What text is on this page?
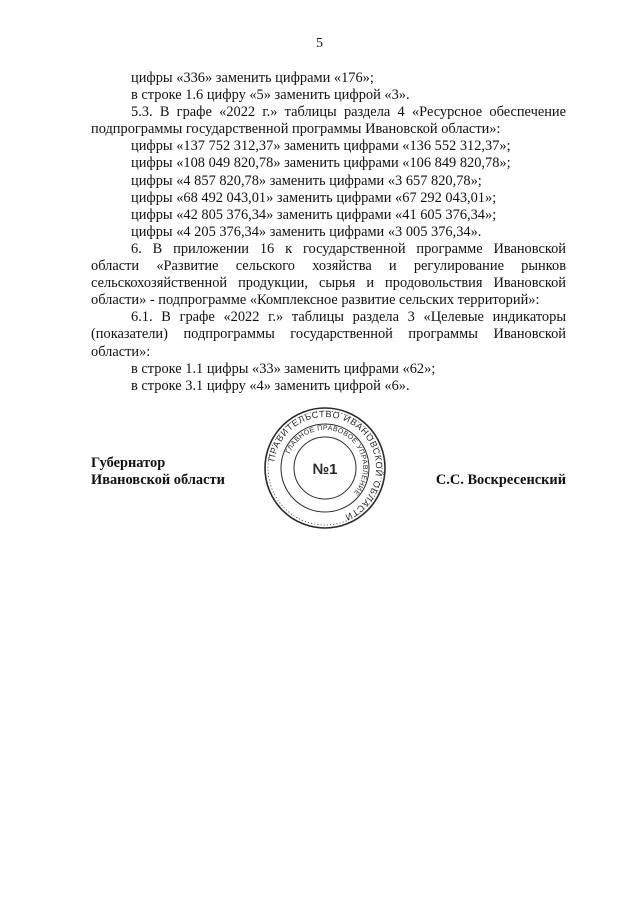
5
цифры «336» заменить цифрами «176»;
в строке 1.6 цифру «5» заменить цифрой «3».
5.3. В графе «2022 г.» таблицы раздела 4 «Ресурсное обеспечение
подпрограммы государственной программы Ивановской области»:
цифры «137 752 312,37» заменить цифрами «136 552 312,37»;
цифры «108 049 820,78» заменить цифрами «106 849 820,78»;
цифры «4 857 820,78» заменить цифрами «3 657 820,78»;
цифры «68 492 043,01» заменить цифрами «67 292 043,01»;
цифры «42 805 376,34» заменить цифрами «41 605 376,34»;
цифры «4 205 376,34» заменить цифрами «3 005 376,34».
6. В приложении 16 к государственной программе Ивановской
области «Развитие сельского хозяйства и регулирование рынков
сельскохозяйственной продукции, сырья и продовольствия Ивановской
области» - подпрограмме «Комплексное развитие сельских территорий»:
6.1. В графе «2022 г.» таблицы раздела 3 «Целевые индикаторы
(показатели) подпрограммы государственной программы Ивановской
области»:
в строке 1.1 цифры «33» заменить цифрами «62»;
в строке 3.1 цифру «4» заменить цифрой «6».
Губернатор
Ивановской области	С.С. Воскресенский
ПРАВИТЕЛЬСТВО ИВАНОВСКОЙ ОБЛАСТИ
ГЛАВНОЕ ПРАВОВОЕ УПРАВЛЕНИЕ
№1
